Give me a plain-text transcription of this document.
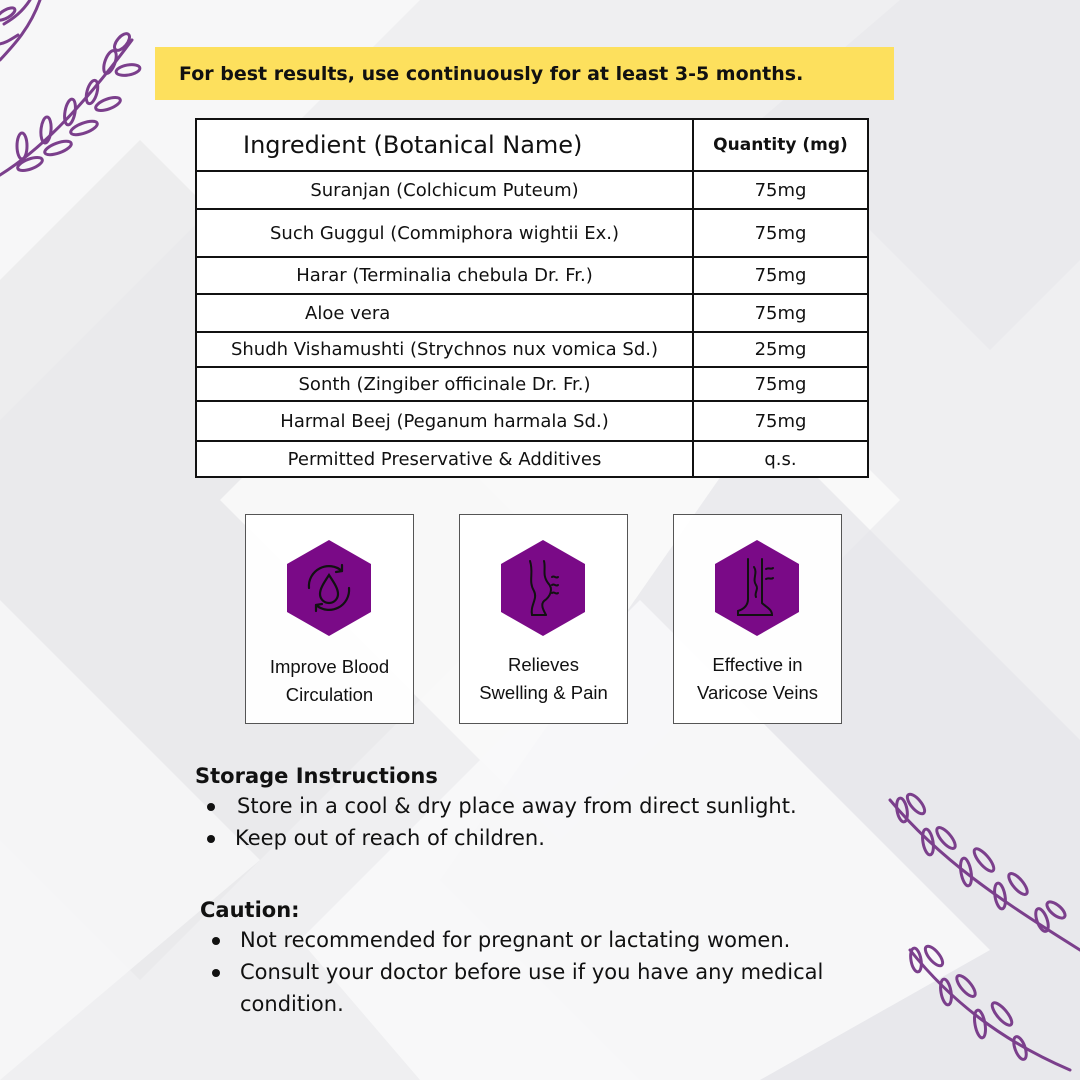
For best results, use continuously for at least 3-5 months.
Ingredient (Botanical Name)	Quantity (mg)
Suranjan (Colchicum Puteum)	75mg
Such Guggul (Commiphora wightii Ex.)	75mg
Harar (Terminalia chebula Dr. Fr.)	75mg
Aloe vera	75mg
Shudh Vishamushti (Strychnos nux vomica Sd.)	25mg
Sonth (Zingiber officinale Dr. Fr.)	75mg
Harmal Beej (Peganum harmala Sd.)	75mg
Permitted Preservative & Additives	q.s.
Improve Blood
Circulation
Relieves
Swelling & Pain
Effective in
Varicose Veins
Storage Instructions
Store in a cool & dry place away from direct sunlight.
Keep out of reach of children.
Caution:
Not recommended for pregnant or lactating women.
Consult your doctor before use if you have any medical condition.
